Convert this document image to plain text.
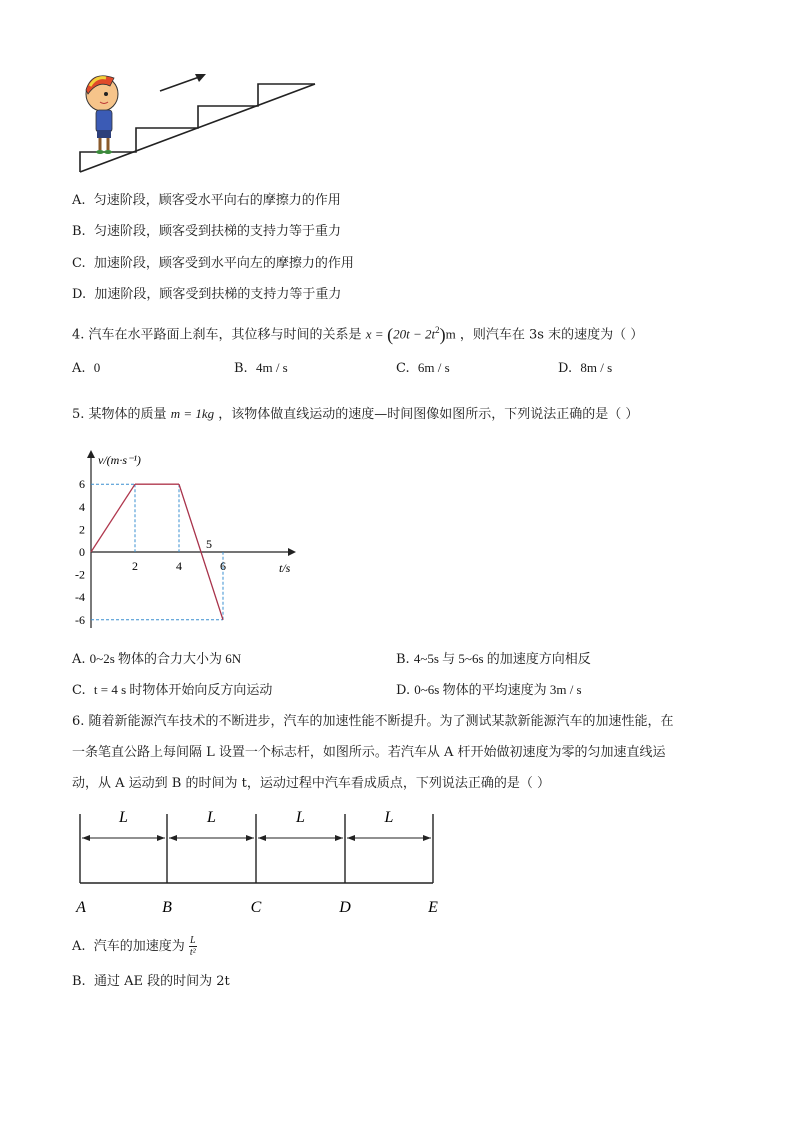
A. 匀速阶段，顾客受水平向右的摩擦力的作用
B. 匀速阶段，顾客受到扶梯的支持力等于重力
C. 加速阶段，顾客受到水平向左的摩擦力的作用
D. 加速阶段，顾客受到扶梯的支持力等于重力
4. 汽车在水平路面上刹车，其位移与时间的关系是 $x = (20t - 2t^2)m$ ，则汽车在 3s 末的速度为（ ）
A. 0	B. 4m / s	C. 6m / s	D. 8m / s
5. 某物体的质量 m = 1kg ，该物体做直线运动的速度—时间图像如图所示，下列说法正确的是（ ）
v/(m·s⁻¹)
t/s
6
4
2
0
-2
-4
-6
2	4
5
6
A. 0~2s 物体的合力大小为 6N	B. 4~5s 与 5~6s 的加速度方向相反
C. t = 4 s 时物体开始向反方向运动	D. 0~6s 物体的平均速度为 3m / s
6. 随着新能源汽车技术的不断进步，汽车的加速性能不断提升。为了测试某款新能源汽车的加速性能，在
一条笔直公路上每间隔 L 设置一个标志杆，如图所示。若汽车从 A 杆开始做初速度为零的匀加速直线运
动，从 A 运动到 B 的时间为 t，运动过程中汽车看成质点，下列说法正确的是（ ）
A	B	C	D	E
L	L	L	L
A. 汽车的加速度为 $\frac{L}{\text{t²}}$
B. 通过 AE 段的时间为 2t
